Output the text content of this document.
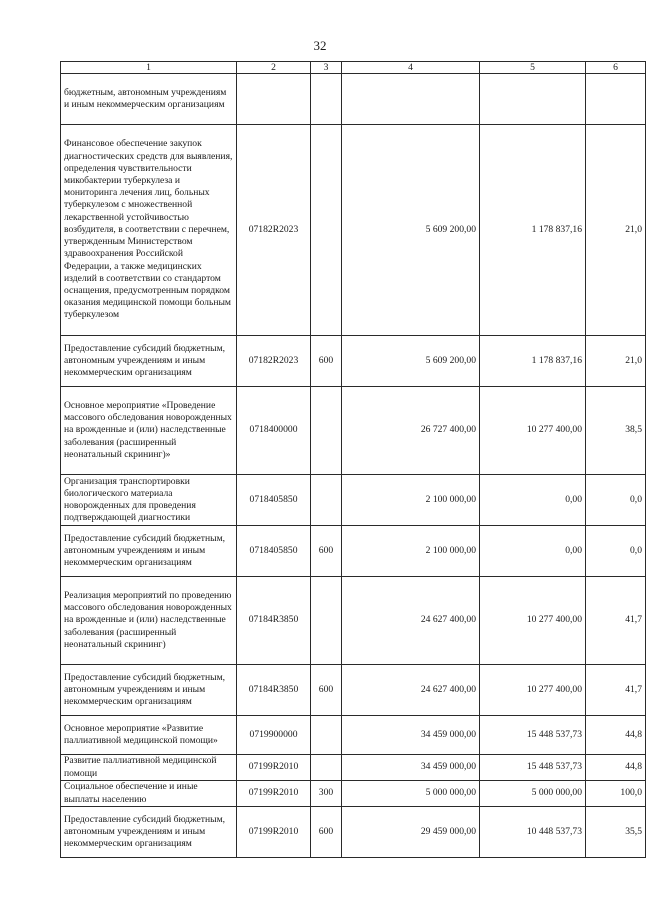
32
1	2	3	4	5	6
бюджетным, автономным учреждениям и иным некоммерческим организациям					
Финансовое обеспечение закупок диагностических средств для выявления, определения чувствительности микобактерии туберкулеза и мониторинга лечения лиц, больных туберкулезом с множественной лекарственной устойчивостью возбудителя, в соответствии с перечнем, утвержденным Министерством здравоохранения Российской Федерации, а также медицинских изделий в соответствии со стандартом оснащения, предусмотренным порядком оказания медицинской помощи больным туберкулезом	07182R2023		5 609 200,00	1 178 837,16	21,0
Предоставление субсидий бюджетным, автономным учреждениям и иным некоммерческим организациям	07182R2023	600	5 609 200,00	1 178 837,16	21,0
Основное мероприятие «Проведение массового обследования новорожденных на врожденные и (или) наследственные заболевания (расширенный неонатальный скрининг)»	0718400000		26 727 400,00	10 277 400,00	38,5
Организация транспортировки биологического материала новорожденных для проведения подтверждающей диагностики	0718405850		2 100 000,00	0,00	0,0
Предоставление субсидий бюджетным, автономным учреждениям и иным некоммерческим организациям	0718405850	600	2 100 000,00	0,00	0,0
Реализация мероприятий по проведению массового обследования новорожденных на врожденные и (или) наследственные заболевания (расширенный неонатальный скрининг)	07184R3850		24 627 400,00	10 277 400,00	41,7
Предоставление субсидий бюджетным, автономным учреждениям и иным некоммерческим организациям	07184R3850	600	24 627 400,00	10 277 400,00	41,7
Основное мероприятие «Развитие паллиативной медицинской помощи»	0719900000		34 459 000,00	15 448 537,73	44,8
Развитие паллиативной медицинской помощи	07199R2010		34 459 000,00	15 448 537,73	44,8
Социальное обеспечение и иные выплаты населению	07199R2010	300	5 000 000,00	5 000 000,00	100,0
Предоставление субсидий бюджетным, автономным учреждениям и иным некоммерческим организациям	07199R2010	600	29 459 000,00	10 448 537,73	35,5
